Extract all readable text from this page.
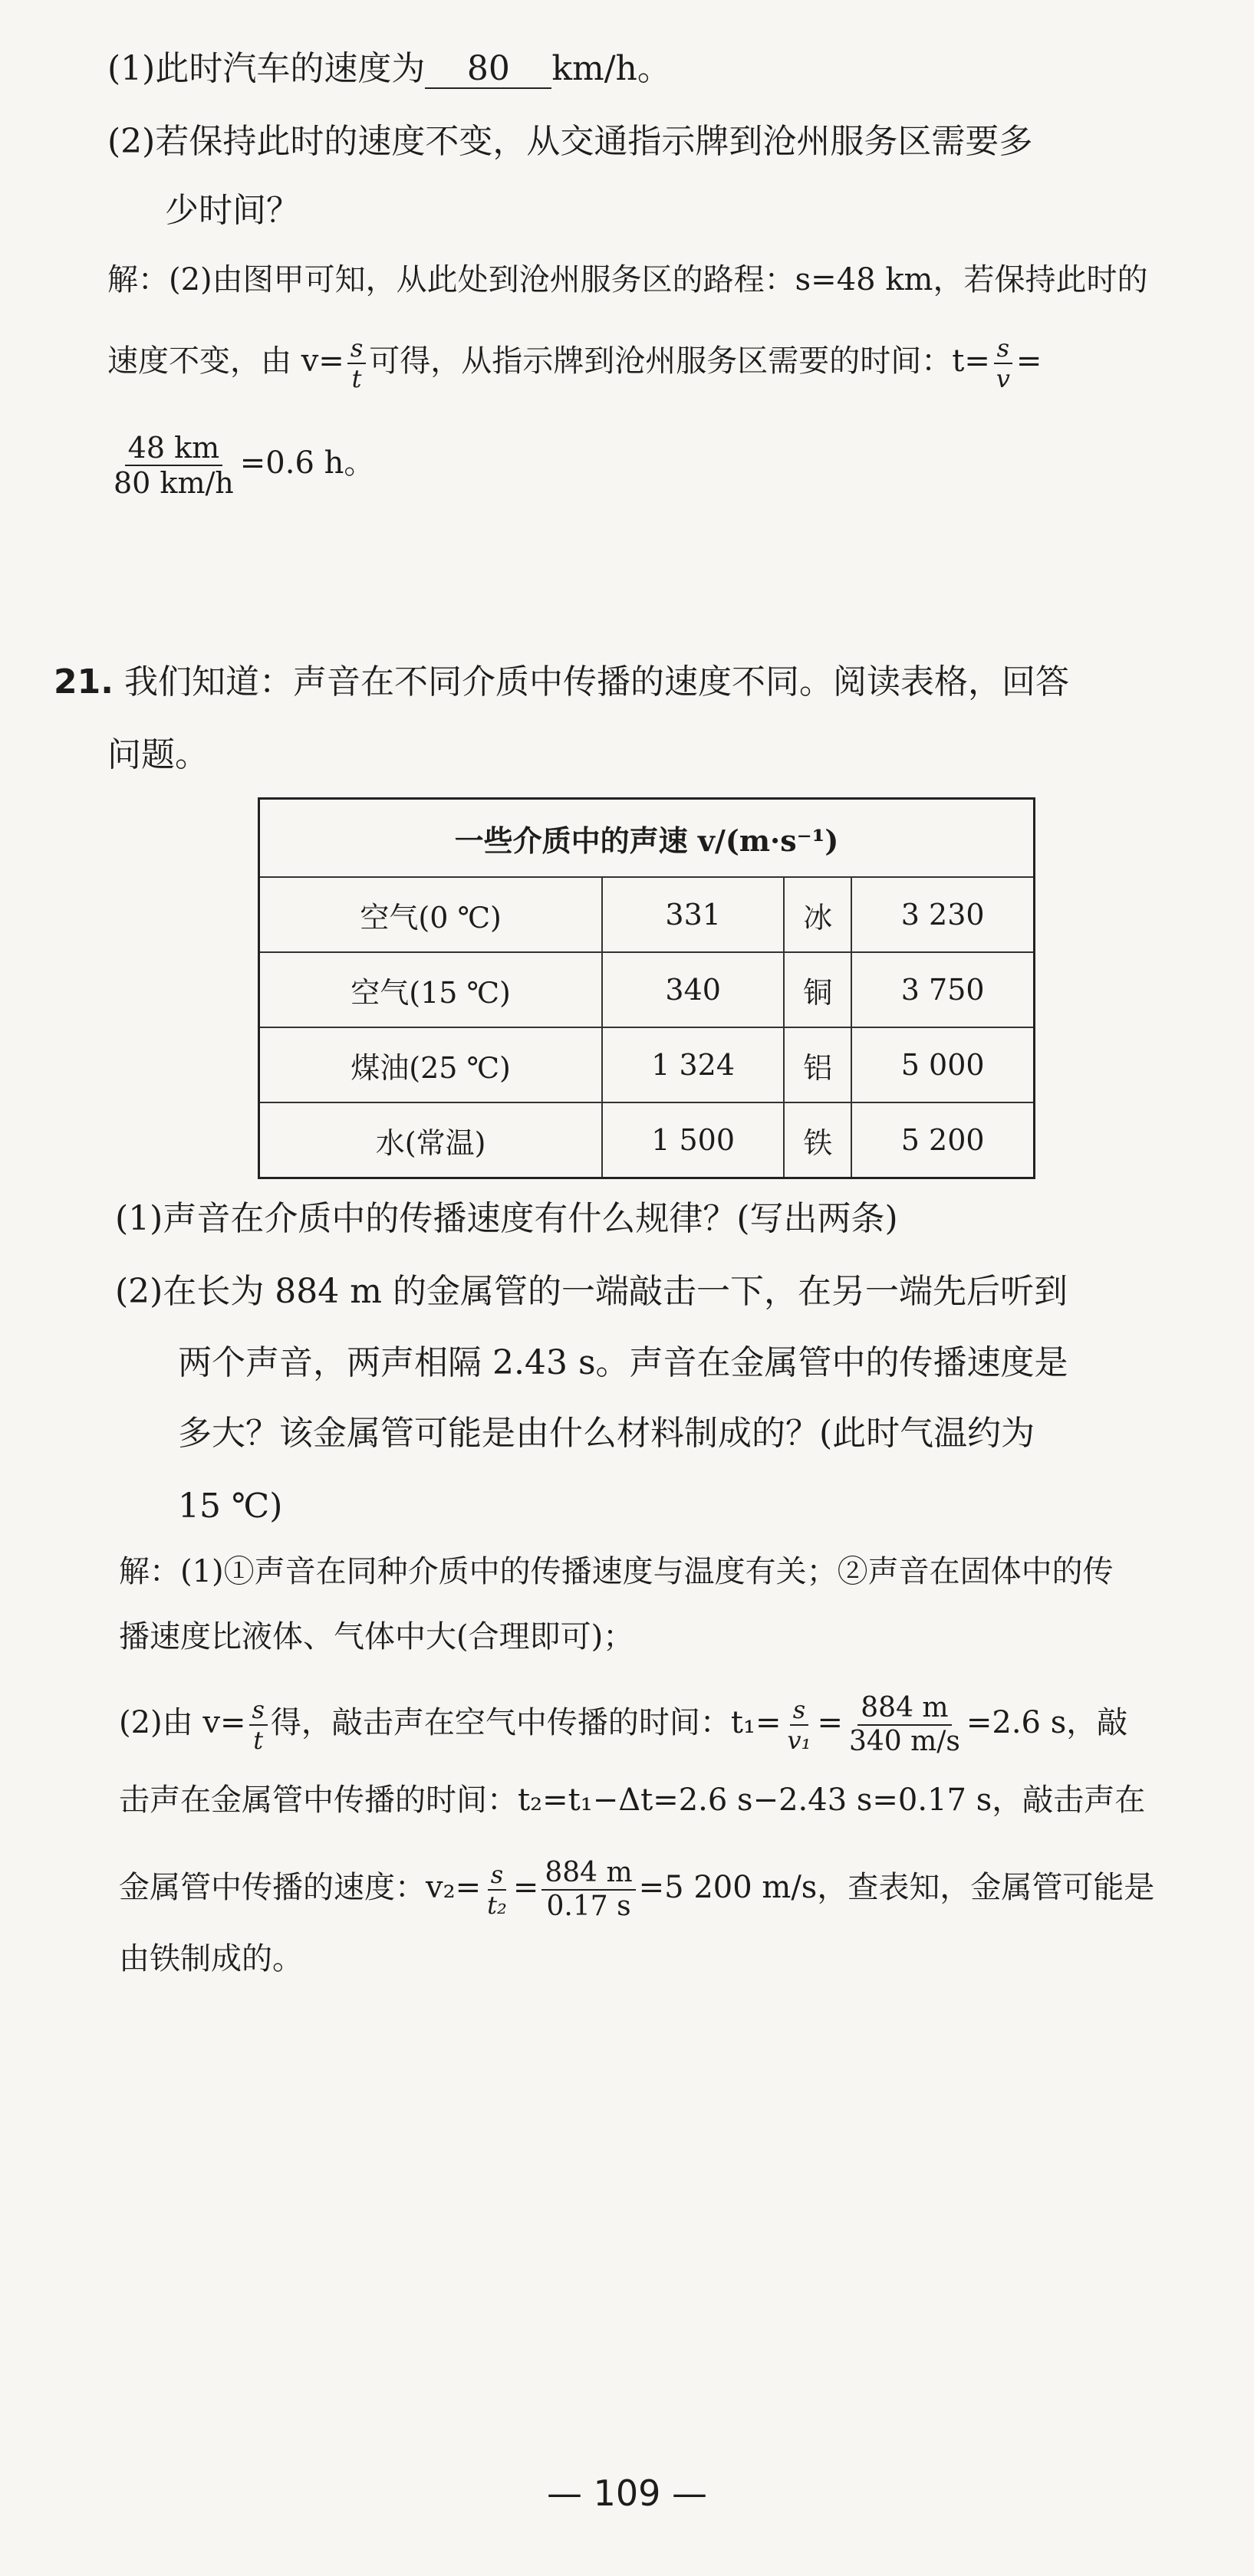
(1)此时汽车的速度为 80 km/h。
(2)若保持此时的速度不变，从交通指示牌到沧州服务区需要多
少时间？
解：(2)由图甲可知，从此处到沧州服务区的路程：s=48 km，若保持此时的
速度不变，由 $v= \frac{s}{t}$ 可得，从指示牌到沧州服务区需要的时间：$t= \frac{s}{v}$ =
$\frac{48 km}{80 km/h} =0.6$ h。
21. 我们知道：声音在不同介质中传播的速度不同。阅读表格，回答
问题。
一些介质中的声速 v/(m·s⁻¹)			
空气(0 ℃)	331	冰	3 230
空气(15 ℃)	340	铜	3 750
煤油(25 ℃)	1 324	铝	5 000
水(常温)	1 500	铁	5 200
(1)声音在介质中的传播速度有什么规律？(写出两条)
(2)在长为 884 m 的金属管的一端敲击一下，在另一端先后听到
两个声音，两声相隔 2.43 s。声音在金属管中的传播速度是
多大？该金属管可能是由什么材料制成的？(此时气温约为
15 ℃)
解：(1)①声音在同种介质中的传播速度与温度有关；②声音在固体中的传
播速度比液体、气体中大(合理即可)；
(2)由 $v= \frac{s}{t}$ 得，敲击声在空气中传播的时间：$t_1= \frac{s}{\text{v₁}} = \frac{884 m}{340 m/s} =2.6$ s，敲
击声在金属管中传播的时间：t₂=t₁−Δt=2.6 s−2.43 s=0.17 s，敲击声在
金属管中传播的速度：$v_2= \frac{s}{\text{t₂}} = \frac{884 m}{0.17 s} =5$ 200 m/s，查表知，金属管可能是
由铁制成的。
— 109 —
